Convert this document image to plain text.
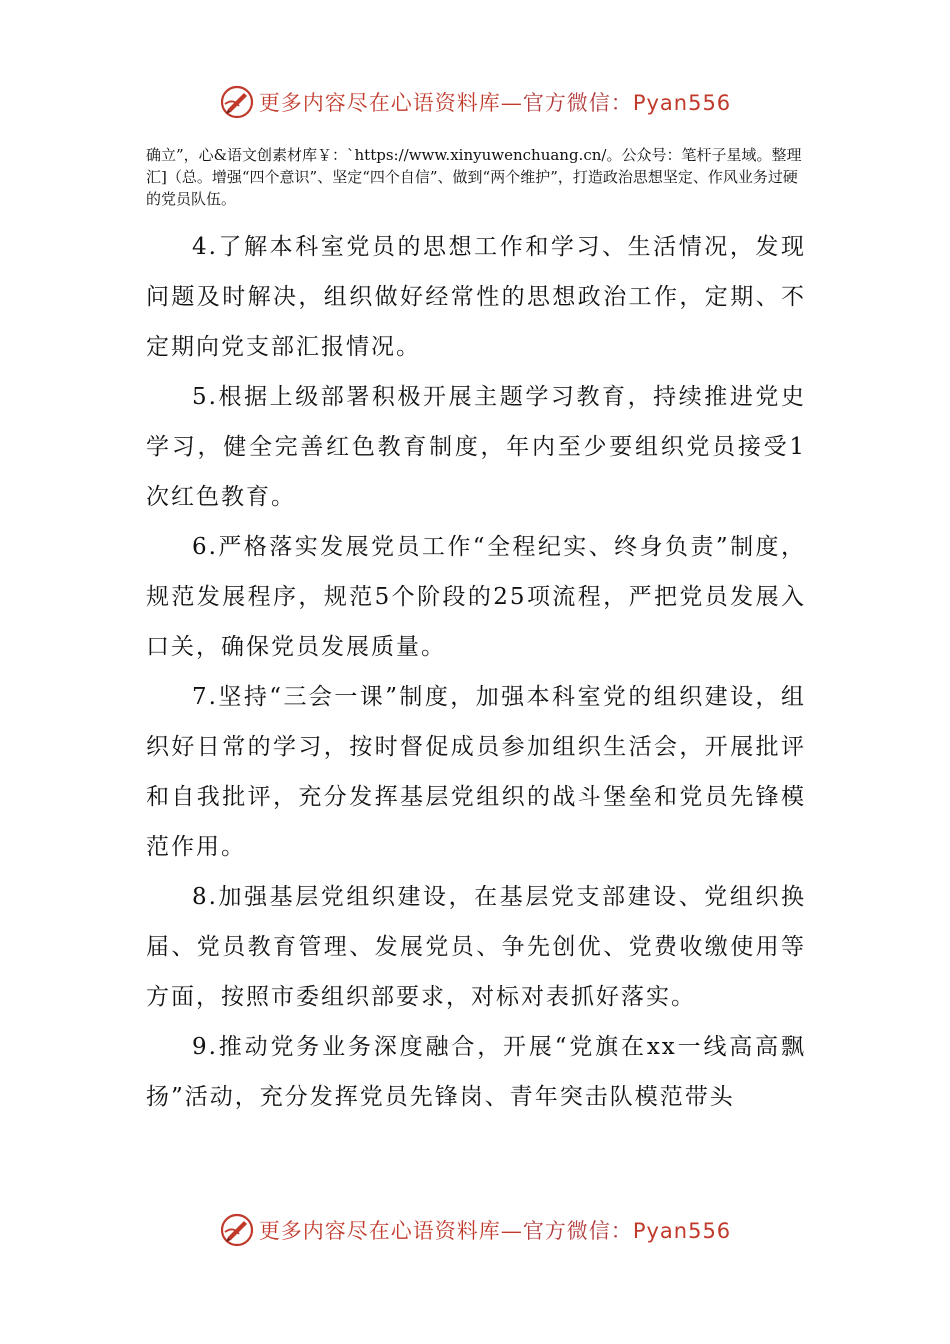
更多内容尽在心语资料库—官方微信：Pyan556

确立”，心&语文创素材库￥：`https://www.xinyuwenchuang.cn/。公众号：笔杆子星域。整理汇]（总。增强“四个意识”、坚定“四个自信”、做到“两个维护”，打造政治思想坚定、作风业务过硬的党员队伍。

4.了解本科室党员的思想工作和学习、生活情况，发现问题及时解决，组织做好经常性的思想政治工作，定期、不定期向党支部汇报情况。

5.根据上级部署积极开展主题学习教育，持续推进党史学习，健全完善红色教育制度，年内至少要组织党员接受1次红色教育。

6.严格落实发展党员工作“全程纪实、终身负责”制度，规范发展程序，规范5个阶段的25项流程，严把党员发展入口关，确保党员发展质量。

7.坚持“三会一课”制度，加强本科室党的组织建设，组织好日常的学习，按时督促成员参加组织生活会，开展批评和自我批评，充分发挥基层党组织的战斗堡垒和党员先锋模范作用。

8.加强基层党组织建设，在基层党支部建设、党组织换届、党员教育管理、发展党员、争先创优、党费收缴使用等方面，按照市委组织部要求，对标对表抓好落实。

9.推动党务业务深度融合，开展“党旗在xx一线高高飘扬”活动，充分发挥党员先锋岗、青年突击队模范带头

更多内容尽在心语资料库—官方微信：Pyan556
